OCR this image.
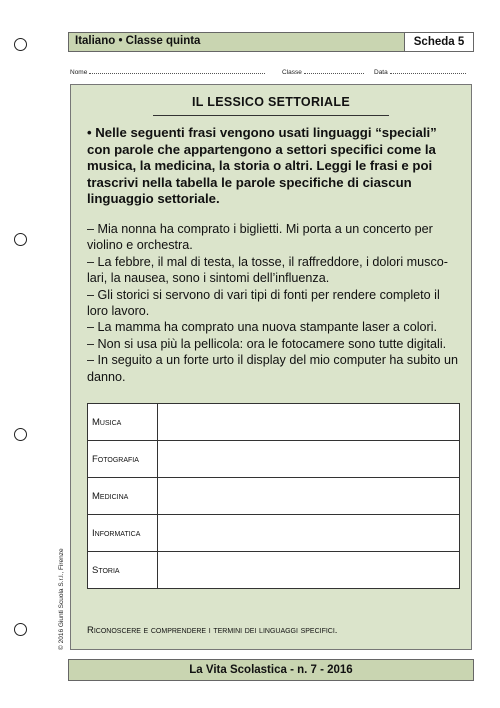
Italiano • Classe quinta	Scheda 5
Nome	Classe	Data
IL LESSICO SETTORIALE
• Nelle seguenti frasi vengono usati linguaggi “speciali” con parole che appartengono a settori specifici come la musica, la medicina, la storia o altri. Leggi le frasi e poi trascrivi nella tabella le parole specifiche di ciascun linguaggio settoriale.
– Mia nonna ha comprato i biglietti. Mi porta a un concerto per violino e orchestra.
– La febbre, il mal di testa, la tosse, il raffreddore, i dolori musco-lari, la nausea, sono i sintomi dell’influenza.
– Gli storici si servono di vari tipi di fonti per rendere completo il loro lavoro.
– La mamma ha comprato una nuova stampante laser a colori.
– Non si usa più la pellicola: ora le fotocamere sono tutte digitali.
– In seguito a un forte urto il display del mio computer ha subito un danno.
Musica	
Fotografia	
Medicina	
Informatica	
Storia	
Riconoscere e comprendere i termini dei linguaggi specifici.
© 2016 Giunti Scuola S.r.l., Firenze
La Vita Scolastica - n. 7 - 2016
